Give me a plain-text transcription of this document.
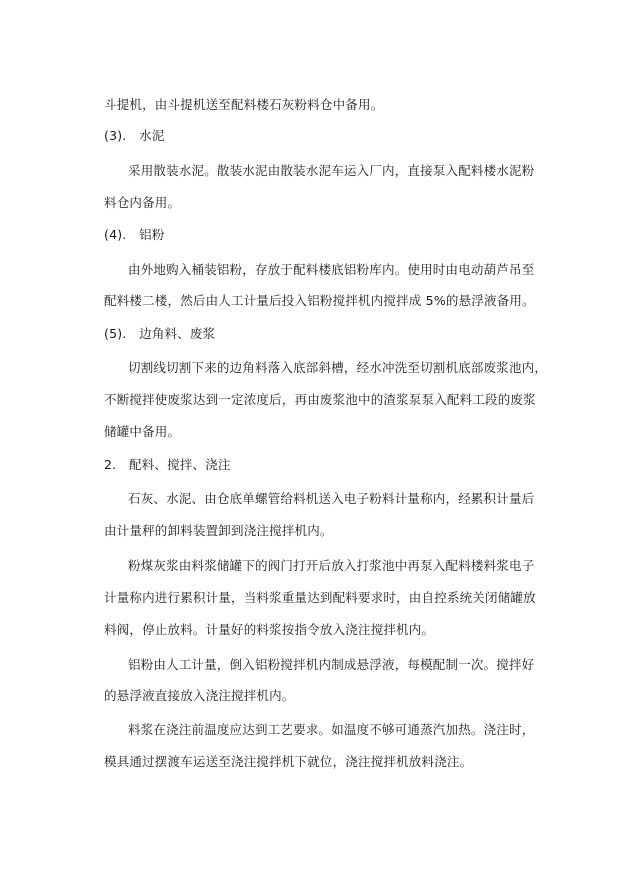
斗提机，由斗提机送至配料楼石灰粉料仓中备用。
(3).　水泥
采用散装水泥。散装水泥由散装水泥车运入厂内，直接泵入配料楼水泥粉
料仓内备用。
(4).　铝粉
由外地购入桶装铝粉，存放于配料楼底铝粉库内。使用时由电动葫芦吊至
配料楼二楼，然后由人工计量后投入铝粉搅拌机内搅拌成 5%的悬浮液备用。
(5).　边角料、废浆
切割线切割下来的边角料落入底部斜槽，经水冲洗至切割机底部废浆池内，
不断搅拌使废浆达到一定浓度后，再由废浆池中的渣浆泵泵入配料工段的废浆
储罐中备用。
2.　配料、搅拌、浇注
石灰、水泥、由仓底单螺管给料机送入电子粉料计量称内，经累积计量后
由计量秤的卸料装置卸到浇注搅拌机内。
粉煤灰浆由料浆储罐下的阀门打开后放入打浆池中再泵入配料楼料浆电子
计量称内进行累积计量，当料浆重量达到配料要求时，由自控系统关闭储罐放
料阀，停止放料。计量好的料浆按指令放入浇注搅拌机内。
铝粉由人工计量，倒入铝粉搅拌机内制成悬浮液，每模配制一次。搅拌好
的悬浮液直接放入浇注搅拌机内。
料浆在浇注前温度应达到工艺要求。如温度不够可通蒸汽加热。浇注时，
模具通过摆渡车运送至浇注搅拌机下就位，浇注搅拌机放料浇注。
